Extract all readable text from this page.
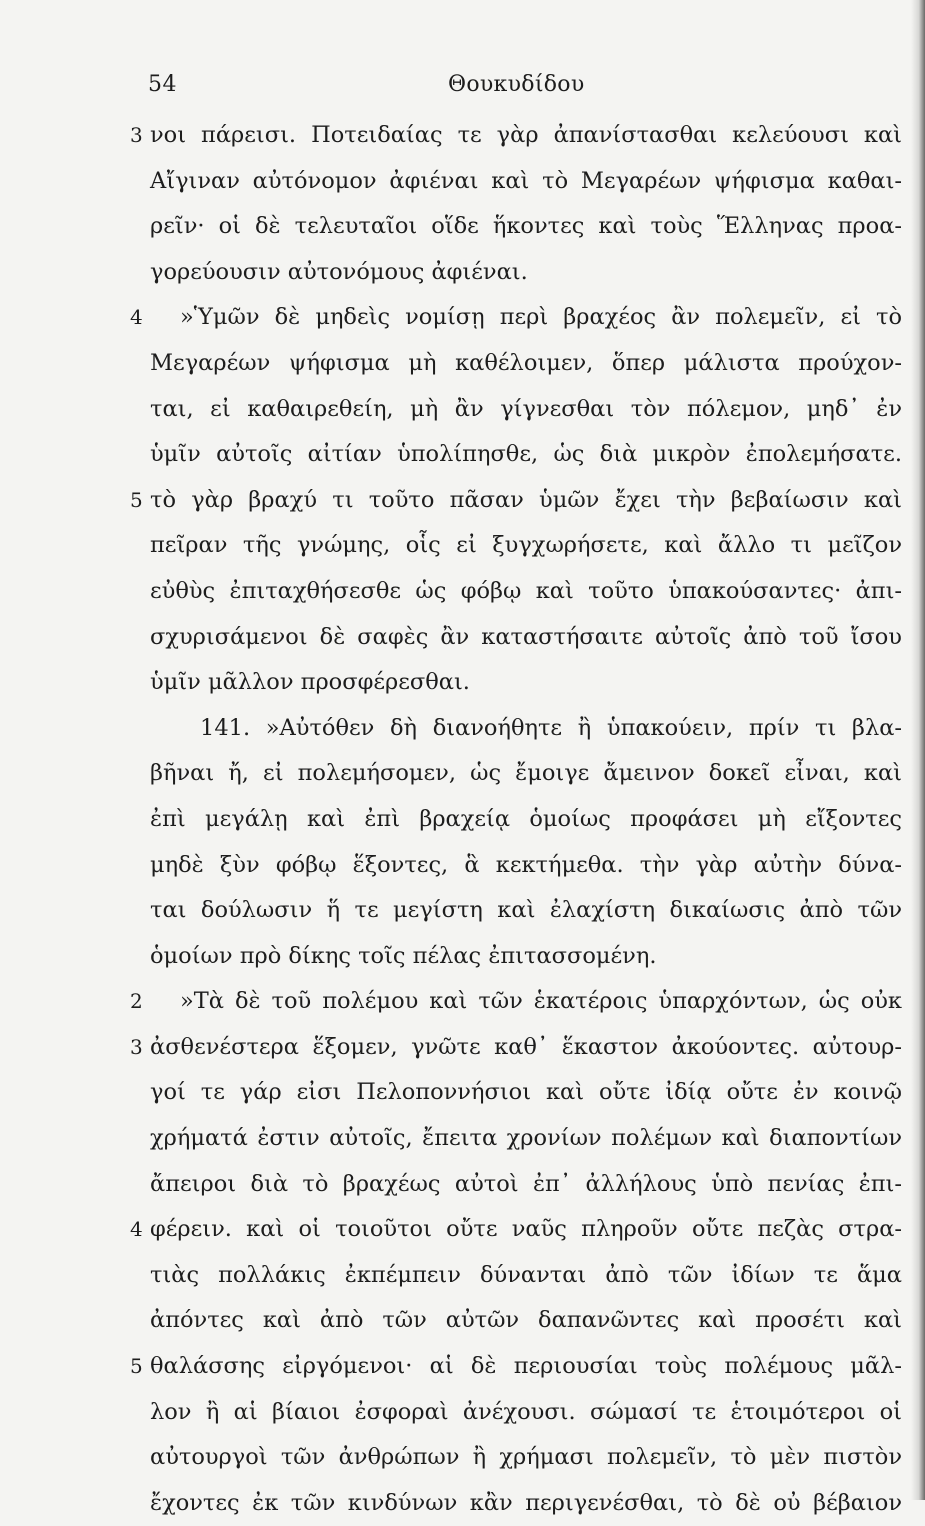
54	Θουκυδίδου
3 νοι πάρεισι. Ποτειδαίας τε γὰρ ἀπανίστασθαι κελεύουσι καὶ
Αἴγιναν αὐτόνομον ἀφιέναι καὶ τὸ Μεγαρέων ψήφισμα καθαι-
ρεῖν· οἱ δὲ τελευταῖοι οἵδε ἥκοντες καὶ τοὺς Ἕλληνας προα-
γορεύουσιν αὐτονόμους ἀφιέναι.
4 »Ὑμῶν δὲ μηδεὶς νομίσῃ περὶ βραχέος ἂν πολεμεῖν, εἰ τὸ
Μεγαρέων ψήφισμα μὴ καθέλοιμεν, ὅπερ μάλιστα προύχον-
ται, εἰ καθαιρεθείη, μὴ ἂν γίγνεσθαι τὸν πόλεμον, μηδ᾽ ἐν
ὑμῖν αὐτοῖς αἰτίαν ὑπολίπησθε, ὡς διὰ μικρὸν ἐπολεμήσατε.
5 τὸ γὰρ βραχύ τι τοῦτο πᾶσαν ὑμῶν ἔχει τὴν βεβαίωσιν καὶ
πεῖραν τῆς γνώμης, οἷς εἰ ξυγχωρήσετε, καὶ ἄλλο τι μεῖζον
εὐθὺς ἐπιταχθήσεσθε ὡς φόβῳ καὶ τοῦτο ὑπακούσαντες· ἀπι-
σχυρισάμενοι δὲ σαφὲς ἂν καταστήσαιτε αὐτοῖς ἀπὸ τοῦ ἴσου
ὑμῖν μᾶλλον προσφέρεσθαι.
141. »Αὐτόθεν δὴ διανοήθητε ἢ ὑπακούειν, πρίν τι βλα-
βῆναι ἤ, εἰ πολεμήσομεν, ὡς ἔμοιγε ἄμεινον δοκεῖ εἶναι, καὶ
ἐπὶ μεγάλῃ καὶ ἐπὶ βραχείᾳ ὁμοίως προφάσει μὴ εἴξοντες
μηδὲ ξὺν φόβῳ ἕξοντες, ἃ κεκτήμεθα. τὴν γὰρ αὐτὴν δύνα-
ται δούλωσιν ἥ τε μεγίστη καὶ ἐλαχίστη δικαίωσις ἀπὸ τῶν
ὁμοίων πρὸ δίκης τοῖς πέλας ἐπιτασσομένη.
2 »Τὰ δὲ τοῦ πολέμου καὶ τῶν ἑκατέροις ὑπαρχόντων, ὡς οὐκ
3 ἀσθενέστερα ἕξομεν, γνῶτε καθ᾽ ἕκαστον ἀκούοντες. αὐτουρ-
γοί τε γάρ εἰσι Πελοποννήσιοι καὶ οὔτε ἰδίᾳ οὔτε ἐν κοινῷ
χρήματά ἐστιν αὐτοῖς, ἔπειτα χρονίων πολέμων καὶ διαποντίων
ἄπειροι διὰ τὸ βραχέως αὐτοὶ ἐπ᾽ ἀλλήλους ὑπὸ πενίας ἐπι-
4 φέρειν. καὶ οἱ τοιοῦτοι οὔτε ναῦς πληροῦν οὔτε πεζὰς στρα-
τιὰς πολλάκις ἐκπέμπειν δύνανται ἀπὸ τῶν ἰδίων τε ἅμα
ἀπόντες καὶ ἀπὸ τῶν αὐτῶν δαπανῶντες καὶ προσέτι καὶ
5 θαλάσσης εἰργόμενοι· αἱ δὲ περιουσίαι τοὺς πολέμους μᾶλ-
λον ἢ αἱ βίαιοι ἐσφοραὶ ἀνέχουσι. σώμασί τε ἑτοιμότεροι οἱ
αὐτουργοὶ τῶν ἀνθρώπων ἢ χρήμασι πολεμεῖν, τὸ μὲν πιστὸν
ἔχοντες ἐκ τῶν κινδύνων κἂν περιγενέσθαι, τὸ δὲ οὐ βέβαιον
